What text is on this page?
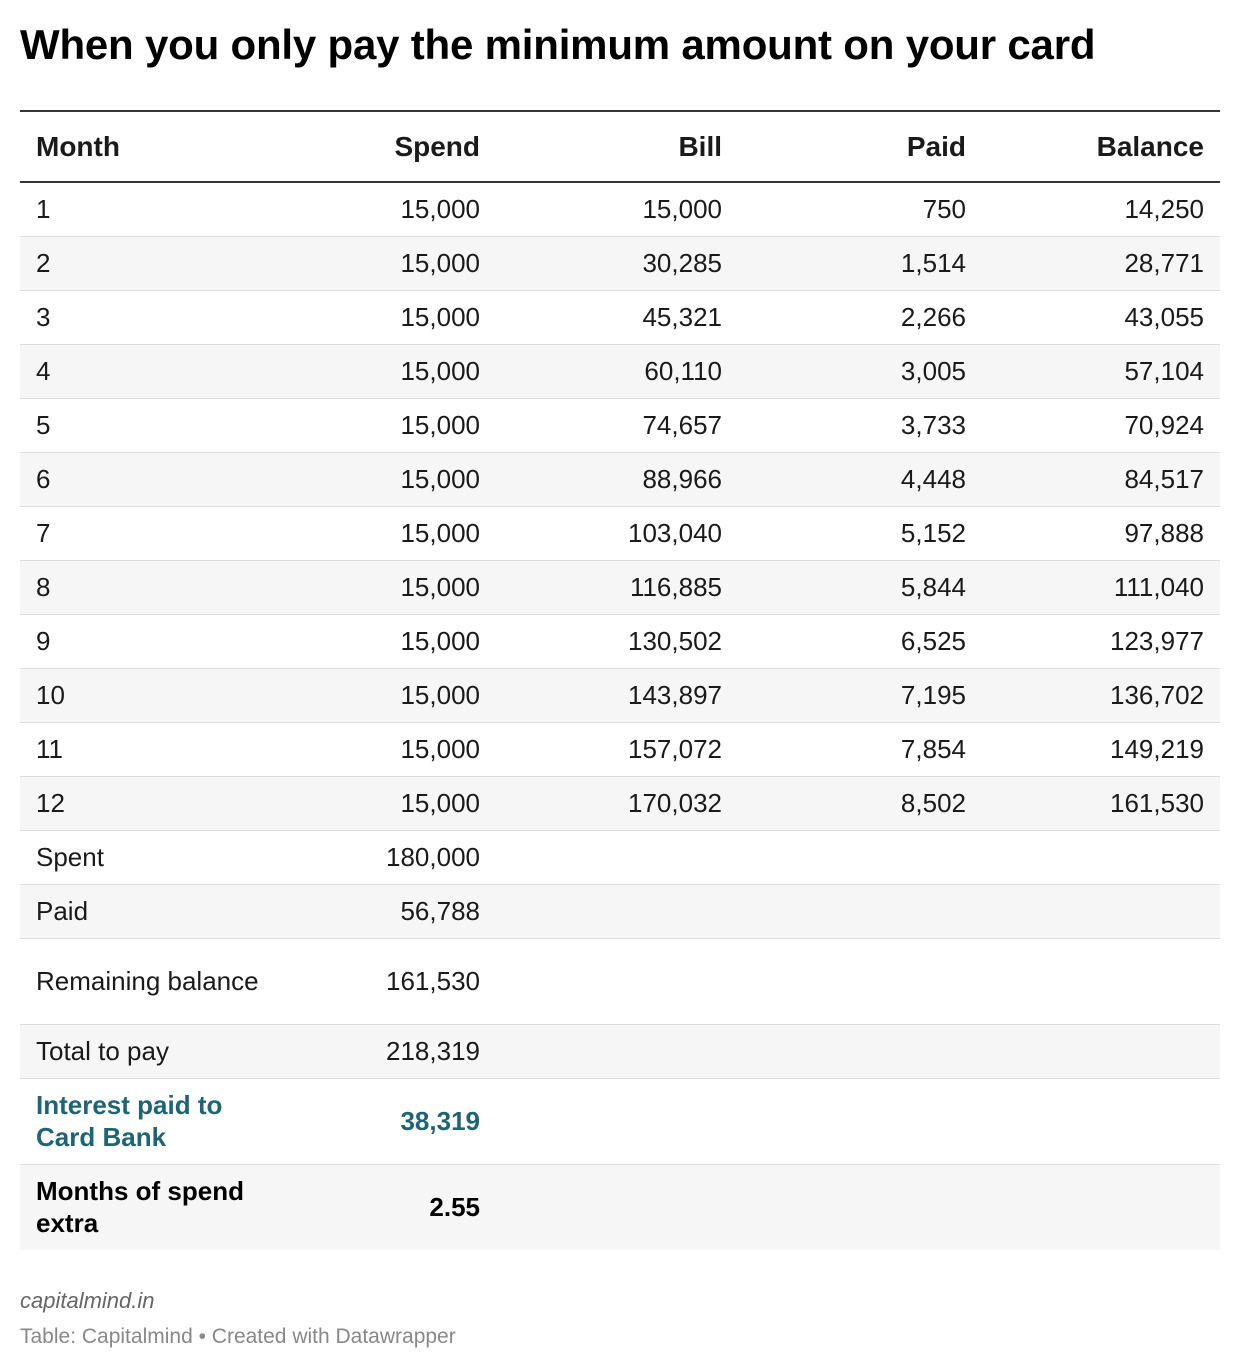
When you only pay the minimum amount on your card
Month	Spend	Bill	Paid	Balance
1	15,000	15,000	750	14,250
2	15,000	30,285	1,514	28,771
3	15,000	45,321	2,266	43,055
4	15,000	60,110	3,005	57,104
5	15,000	74,657	3,733	70,924
6	15,000	88,966	4,448	84,517
7	15,000	103,040	5,152	97,888
8	15,000	116,885	5,844	111,040
9	15,000	130,502	6,525	123,977
10	15,000	143,897	7,195	136,702
11	15,000	157,072	7,854	149,219
12	15,000	170,032	8,502	161,530
Spent	180,000			
Paid	56,788			
Remaining balance	161,530			
Total to pay	218,319			
Interest paid to Card Bank	38,319			
Months of spend extra	2.55			
capitalmind.in
Table: Capitalmind • Created with Datawrapper
